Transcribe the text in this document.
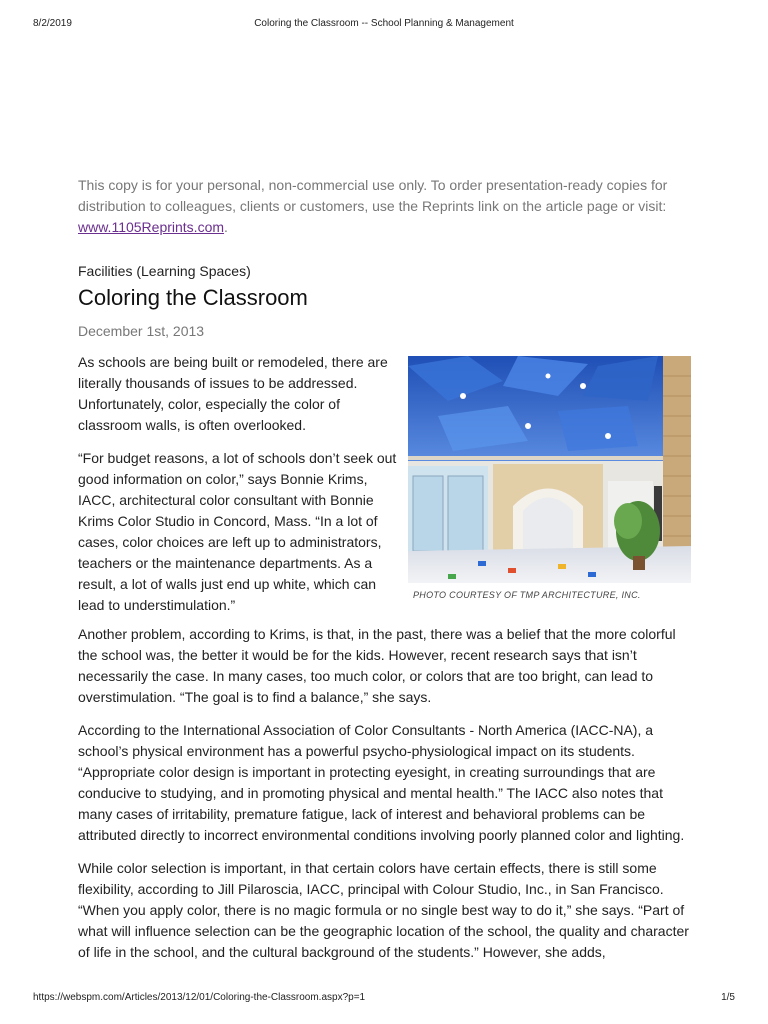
8/2/2019	Coloring the Classroom -- School Planning & Management
This copy is for your personal, non-commercial use only. To order presentation-ready copies for distribution to colleagues, clients or customers, use the Reprints link on the article page or visit: www.1105Reprints.com.
Facilities (Learning Spaces)
Coloring the Classroom
December 1st, 2013

As schools are being built or remodeled, there are literally thousands of issues to be addressed. Unfortunately, color, especially the color of classroom walls, is often overlooked.

“For budget reasons, a lot of schools don’t seek out good information on color,” says Bonnie Krims, IACC, architectural color consultant with Bonnie Krims Color Studio in Concord, Mass. “In a lot of cases, color choices are left up to administrators, teachers or the maintenance departments. As a result, a lot of walls just end up white, which can lead to understimulation.”

PHOTO COURTESY OF TMP ARCHITECTURE, INC.

Another problem, according to Krims, is that, in the past, there was a belief that the more colorful the school was, the better it would be for the kids. However, recent research says that isn’t necessarily the case. In many cases, too much color, or colors that are too bright, can lead to overstimulation. “The goal is to find a balance,” she says.

According to the International Association of Color Consultants - North America (IACC-NA), a school’s physical environment has a powerful psycho-physiological impact on its students. “Appropriate color design is important in protecting eyesight, in creating surroundings that are conducive to studying, and in promoting physical and mental health.” The IACC also notes that many cases of irritability, premature fatigue, lack of interest and behavioral problems can be attributed directly to incorrect environmental conditions involving poorly planned color and lighting.

While color selection is important, in that certain colors have certain effects, there is still some flexibility, according to Jill Pilaroscia, IACC, principal with Colour Studio, Inc., in San Francisco. “When you apply color, there is no magic formula or no single best way to do it,” she says. “Part of what will influence selection can be the geographic location of the school, the quality and character of life in the school, and the cultural background of the students.” However, she adds,

https://webspm.com/Articles/2013/12/01/Coloring-the-Classroom.aspx?p=1	1/5
